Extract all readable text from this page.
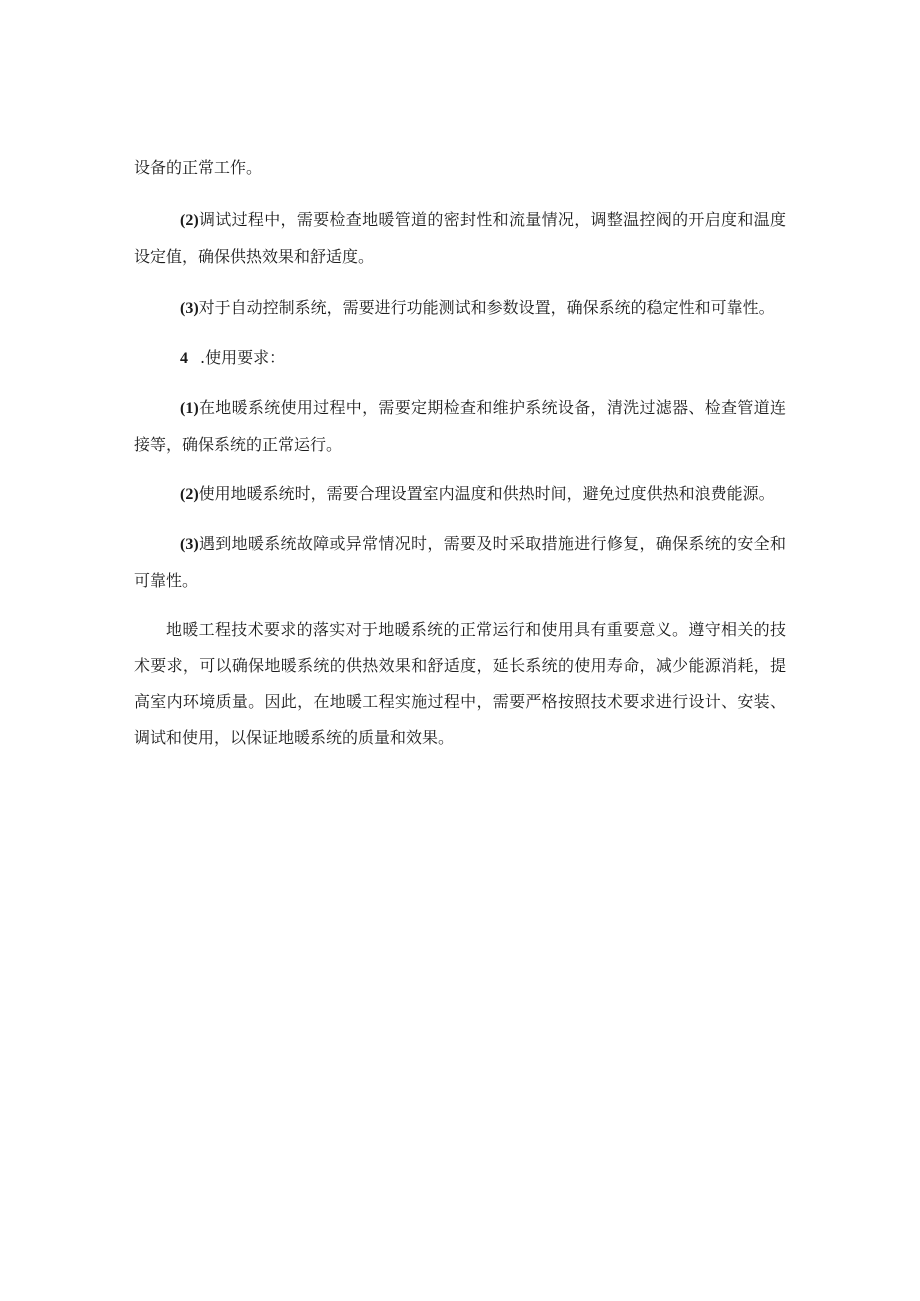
设备的正常工作。

(2)调试过程中，需要检查地暖管道的密封性和流量情况，调整温控阀的开启度和温度设定值，确保供热效果和舒适度。

(3)对于自动控制系统，需要进行功能测试和参数设置，确保系统的稳定性和可靠性。

4 .使用要求：

(1)在地暖系统使用过程中，需要定期检查和维护系统设备，清洗过滤器、检查管道连接等，确保系统的正常运行。

(2)使用地暖系统时，需要合理设置室内温度和供热时间，避免过度供热和浪费能源。

(3)遇到地暖系统故障或异常情况时，需要及时采取措施进行修复，确保系统的安全和可靠性。

地暖工程技术要求的落实对于地暖系统的正常运行和使用具有重要意义。遵守相关的技术要求，可以确保地暖系统的供热效果和舒适度，延长系统的使用寿命，减少能源消耗，提高室内环境质量。因此，在地暖工程实施过程中，需要严格按照技术要求进行设计、安装、调试和使用，以保证地暖系统的质量和效果。
